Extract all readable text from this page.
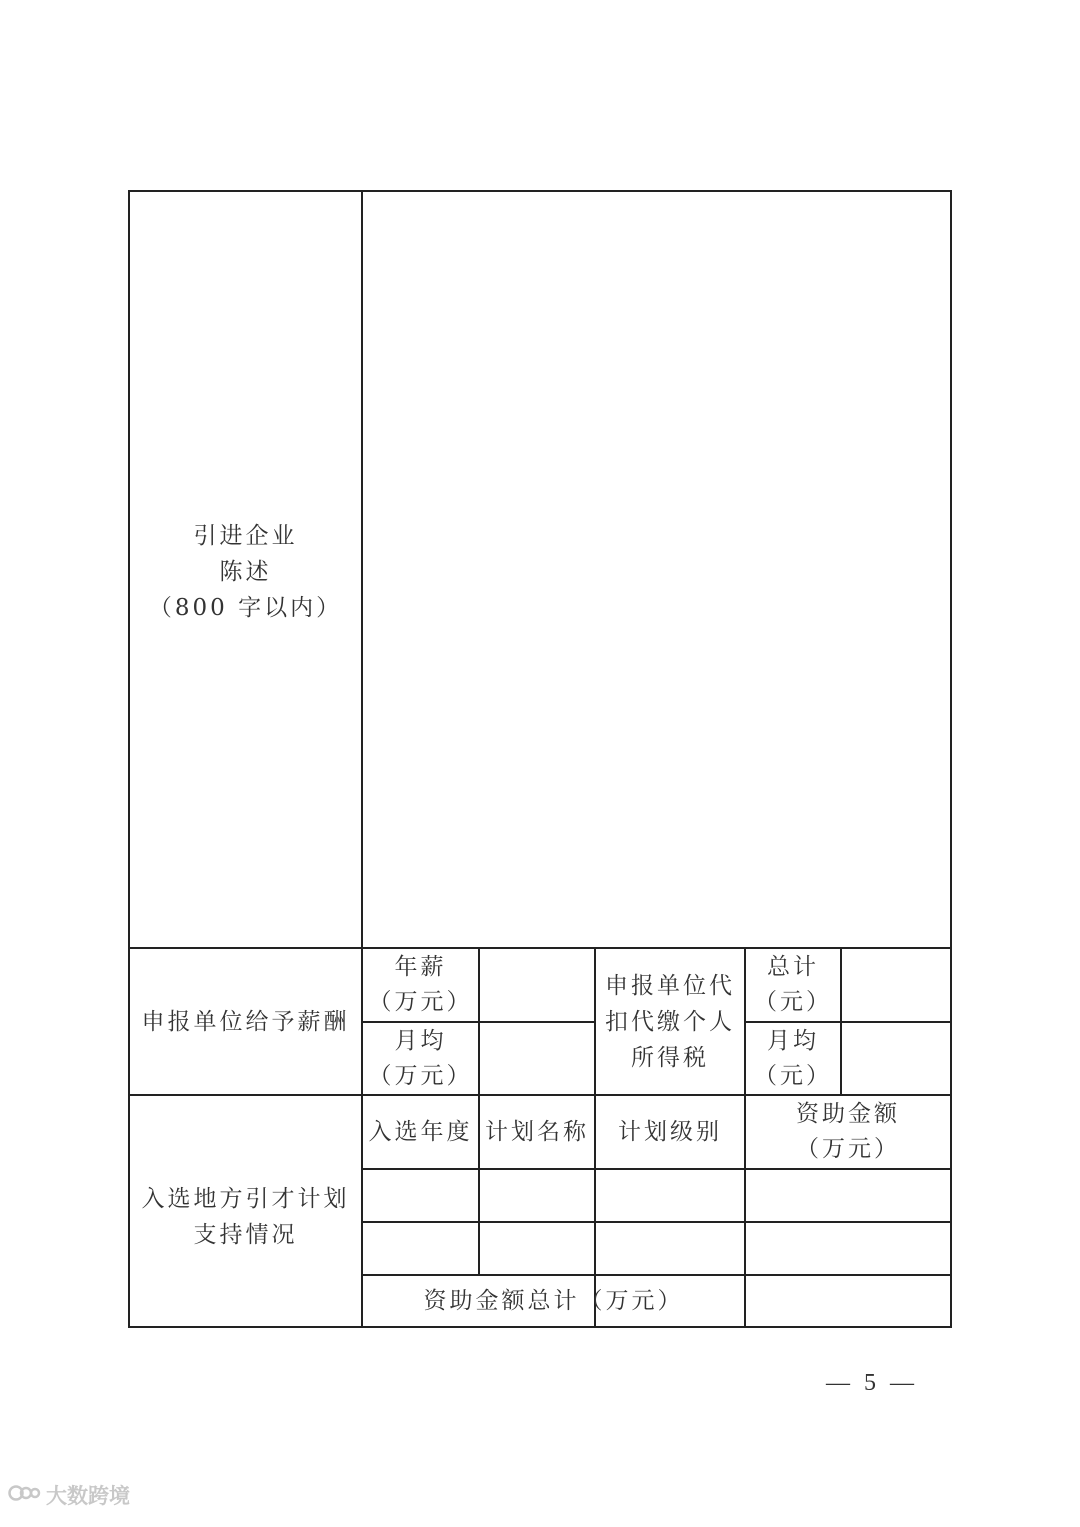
引进企业
陈述
（800 字以内）
申报单位给予薪酬
年薪
（万元）
月均
（万元）
申报单位代
扣代缴个人
所得税
总计
（元）
月均
（元）
入选地方引才计划
支持情况
入选年度 计划名称 计划级别
资助金额
（万元）
资助金额总计（万元）
— 5 —
大数跨境
